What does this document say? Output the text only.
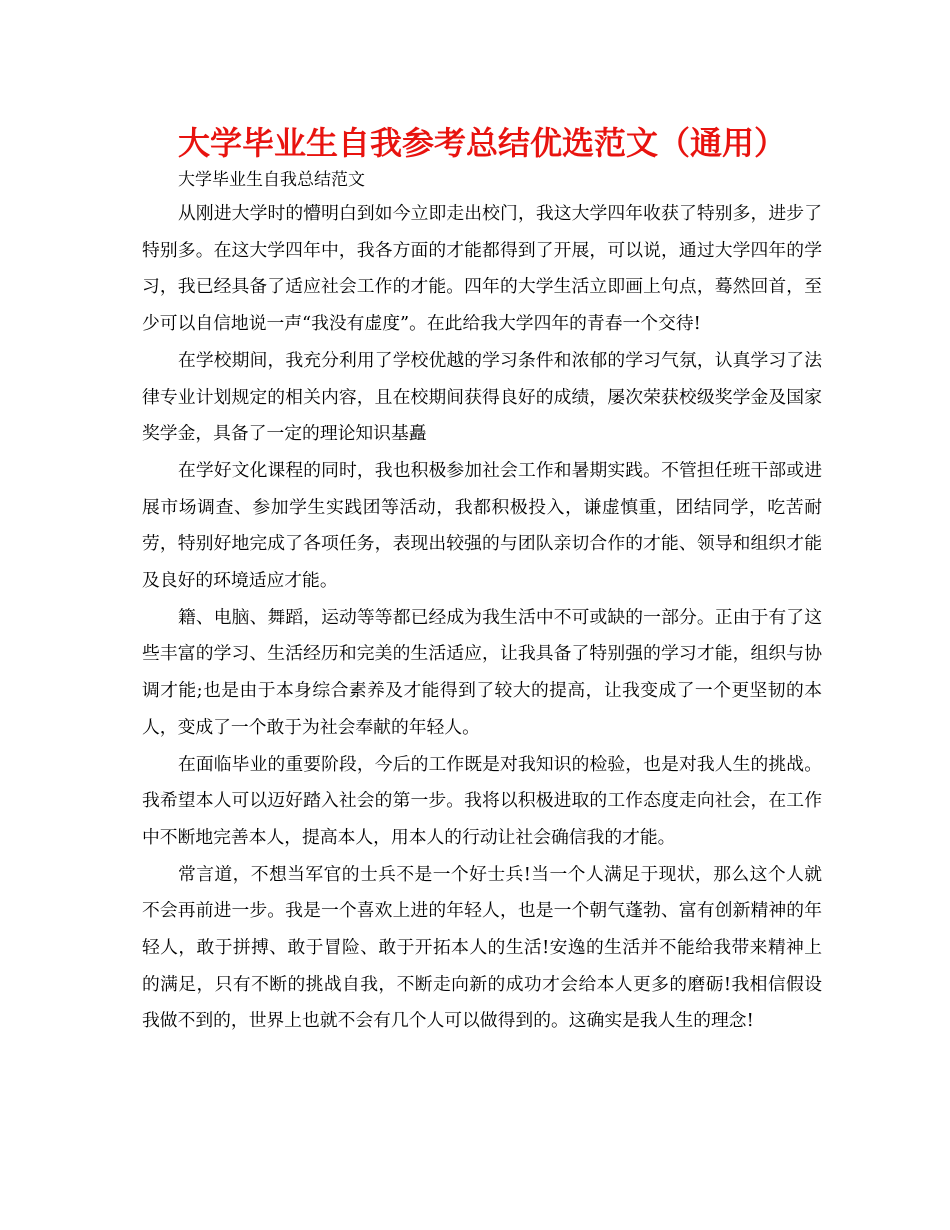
大学毕业生自我参考总结优选范文（通用）

大学毕业生自我总结范文

从刚进大学时的懵明白到如今立即走出校门，我这大学四年收获了特别多，进步了特别多。在这大学四年中，我各方面的才能都得到了开展，可以说，通过大学四年的学习，我已经具备了适应社会工作的才能。四年的大学生活立即画上句点，蓦然回首，至少可以自信地说一声“我没有虚度”。在此给我大学四年的青春一个交待!

在学校期间，我充分利用了学校优越的学习条件和浓郁的学习气氛，认真学习了法律专业计划规定的相关内容，且在校期间获得良好的成绩，屡次荣获校级奖学金及国家奖学金，具备了一定的理论知识基矗

在学好文化课程的同时，我也积极参加社会工作和暑期实践。不管担任班干部或进展市场调查、参加学生实践团等活动，我都积极投入，谦虚慎重，团结同学，吃苦耐劳，特别好地完成了各项任务，表现出较强的与团队亲切合作的才能、领导和组织才能及良好的环境适应才能。

籍、电脑、舞蹈，运动等等都已经成为我生活中不可或缺的一部分。正由于有了这些丰富的学习、生活经历和完美的生活适应，让我具备了特别强的学习才能，组织与协调才能;也是由于本身综合素养及才能得到了较大的提高，让我变成了一个更坚韧的本人，变成了一个敢于为社会奉献的年轻人。

在面临毕业的重要阶段，今后的工作既是对我知识的检验，也是对我人生的挑战。我希望本人可以迈好踏入社会的第一步。我将以积极进取的工作态度走向社会，在工作中不断地完善本人，提高本人，用本人的行动让社会确信我的才能。

常言道，不想当军官的士兵不是一个好士兵!当一个人满足于现状，那么这个人就不会再前进一步。我是一个喜欢上进的年轻人，也是一个朝气蓬勃、富有创新精神的年轻人，敢于拼搏、敢于冒险、敢于开拓本人的生活!安逸的生活并不能给我带来精神上的满足，只有不断的挑战自我，不断走向新的成功才会给本人更多的磨砺!我相信假设我做不到的，世界上也就不会有几个人可以做得到的。这确实是我人生的理念!
